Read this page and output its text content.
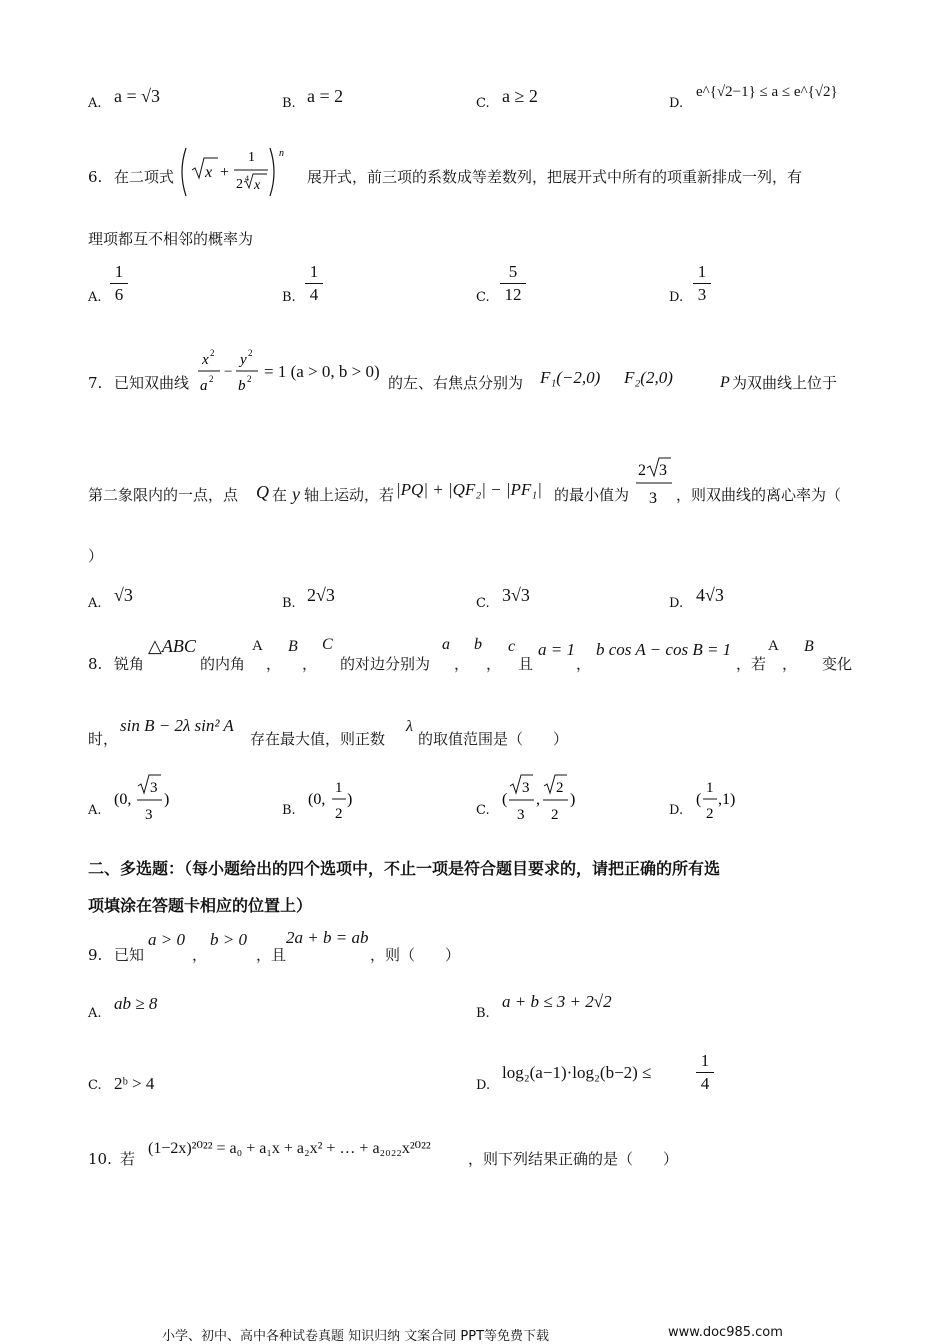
A. a = √3	B. a = 2	C. a ≥ 2	D.
e^{√2−1} ≤ a ≤ e^{√2}
6. 在二项式 x +
1
2 4 x
n
展开式，前三项的系数成等差数列，把展开式中所有的项重新排成一列，有
理项都互不相邻的概率为
A.
1
6	B.
1
4	C.
5
12	D.
1
3
7. 已知双曲线
x 2
a 2 −
y 2
b 2 = 1 (a > 0, b > 0)
的左、右焦点分别为 F₁(−2,0) F₂(2,0)	P 为双曲线上位于
第二象限内的一点，点 Q 在 y 轴上运动，若 |PQ| + |QF₂| − |PF₁| 的最小值为
2 3
3 ，则双曲线的离心率为（
）
A. √3	B. 2√3	C. 3√3	D. 4√3
8. 锐角
△ABC
的内角
A
，
B
，
C
的对边分别为
a
，
b
，
c
且
a = 1
，
b cos A − cos B = 1
，若
A
，
B
变化
时，
sin B − 2λ sin² A
存在最大值，则正数
λ
的取值范围是（　　）
A.
(0,
3
3
)
B.
(0,
1
2
)
C.
(
3
3
,
2
2
)
D.
(
1
2
,1)
二、多选题：（每小题给出的四个选项中，不止一项是符合题目要求的，请把正确的所有选
项填涂在答题卡相应的位置上）
9. 已知
a > 0
，
b > 0
，且
2a + b = ab
，则（　　）
A.
ab ≥ 8
B.
a + b ≤ 3 + 2√2
C. 2ᵇ > 4	D.
log₂(a−1)·log₂(b−2) ≤
1
4
10. 若
(1−2x)²⁰²² = a₀ + a₁x + a₂x² + … + a₂₀₂₂x²⁰²²
，则下列结果正确的是（　　）
小学、初中、高中各种试卷真题 知识归纳 文案合同 PPT等免费下载	www.doc985.com
